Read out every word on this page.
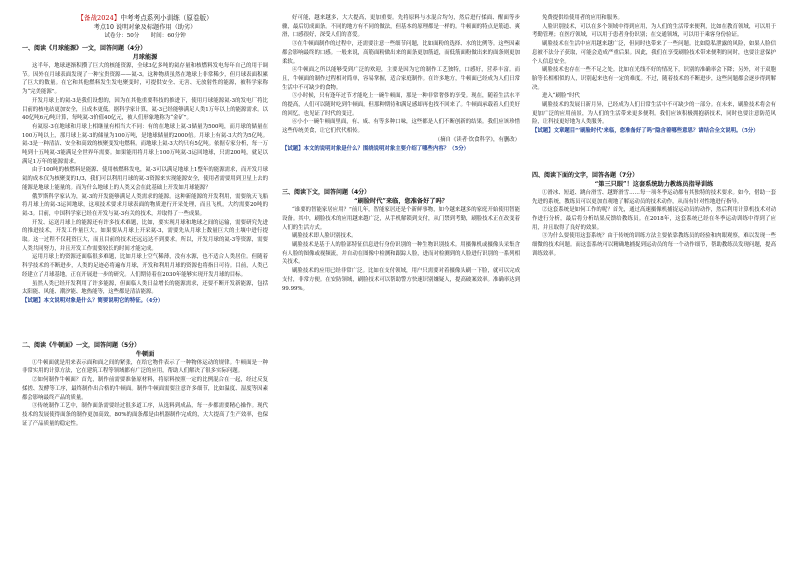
【备战2024】中考考点系列小训练（原卷版）
考点10 说明对象及标题作用（助劣）
试卷分：50分　　时间：60分钟
一、阅读《月球能源》一文，回答问题（4分）
月球能源

这半年，地球逐渐积攒了巨大的核能资源，全球3亿多吨的氦存量和核燃料发电每年自己的用于调节。因外在月球表面发现了一种宝贵资源——氦-3。这种物质虽然在地球上非常稀少，但月球表面积累了巨大的数量。在它和其他燃料发生发电聚变时，可提供安全、无害、无放射性的能源，被科学家称为“完美能源”。

开发月球上的氦-3是我们设想的，因为在其他重要科技的推进下，使用月球能源氦-3的发电厂将比目前的核电站更加安全，且成本更低。据科学家计算，氦-3已经能够满足人类1万年以上的能源需求。以40亿吨6元/吨计算，每吨氦-3价值40亿元，被人们形象地称为“金矿”。

有氦原-3在地球和月球上相继量有相当大不同：有的在地球上氦-3储量为500吨，而月球的储量在100万吨以上，那月球上氦-3的储量为100万吨，是地球储量的2000倍。月球上有氦-3大约为5亿吨。氦-3是一种清洁、安全和高效的核聚变发电燃料。而地球上氦-3大约只有5亿吨。依据专家分析，每一万吨到十五吨氦-3能满足全世界年需要。如果能用将月球上100万吨氦-3运回地球，只需200吨，就足以满足1万年的能源需求。

由于100吨的核燃料是能源、使用核燃料发电，氦-3可以满足地球上1整年的能源需求，而开发月球氦的成本仅为核聚变的1/3，我们可以利用月球的氦-3资源来实现能源安全，使用者需要用到卫星上去的能源是地球上能量的。而为什么地球上的人类又会在此基础上开发如月球能源？

俄罗斯科学家认为，氦-3的开发能够满足人类需求的能源。这种新能源的开发利用，需要航天飞船将月球上的氦-3运回地球，这项技术要求月球表面的物质进行开采处理，而且飞机，大约需要20吨的氦-3。目前，中国科学家已经在开发与氦-3有关的技术，并取得了一些成果。

开发、运送月球上的能源还有许多技术难题，比如，要实现月球和地球之间的运输，需要研究先进的推进技术，开发工作量巨大。如果要从月球上开采氦-3，需要先从月球上数量巨大的土壤中进行提取。这一过程不仅耗资巨大，而且目前的技术还远远达不到要求。所以，开发月球的氦-3等资源，需要人类共同努力，并且开发工作需要较长的时间才能完成。

运用月球上的资源还面临很多难题，比如月球上空气稀薄，没有水源，也不适合人类居住。但随着科学技术的不断进步，人类的足迹必将遍布月球，开发和利用月球的资源也将指日可待。目前，人类已经建立了月球基地，正在开展进一步的研究。人们期待着在2030年能够实现开发月球的目标。

虽然人类已经开发利用了许多能源，但面临人类日益增长的能源需求，还要不断开发新能源，包括太阳能、风能、潮汐能、地热能等，这些都是清洁能源。

【试题】本文说明对象是什么？简要说明它的特征。（4分）
二、阅读《牛顿面》一文，回答问题（5分）
牛顿面

①牛顿面就是用来表示面和面之间的紧张，在给它物件表示了一种物体运动的规律。牛顿面是一种非常实用的计算方法，它在建筑工程等领域都有广泛的应用，帮助人们解决了很多实际问题。

②如何制作牛顿面？首先，制作前需要准备原材料，将原料按照一定的比例混合在一起，经过反复揉搓、发酵等工序，最终制作出合格的牛顿面。制作牛顿面需要注意许多细节，比如温度、湿度等因素都会影响最终产品的质量。

③传统制作工艺中，制作面条需要经过很多道工序，从选料到成品，每一步都需要精心操作。现代技术的发展使得面条的制作更加高效，80%的面条都是由机器制作完成的，大大提高了生产效率，也保证了产品质量的稳定性。

好可能，越来越多，大大提高，更加重要。先将原料与水混合均匀，然后进行揉面、醒面等步骤，最后切成面条。不同的地方有不同的做法，但基本的原理都是一样的。牛顿面的特点是筋道、爽滑，口感很好，深受人们的喜爱。

③在牛顿面制作的过程中，还需要注意一些细节问题，比如面粉的选择、水的比例等。这些因素都会影响最终的口感。一般来说，高筋面粉做出来的面条更加筋道，而低筋面粉做出来的面条则更加柔软。

④牛顿面之所以能够受到广泛的欢迎，主要是因为它的制作工艺独特，口感好，营养丰富。而且，牛顿面的制作过程相对简单，容易掌握，适合家庭制作。在许多地方，牛顿面已经成为人们日常生活中不可缺少的食物。

⑤小时候，只有逢年过节才能吃上一碗牛顿面，那是一种非常奢侈的享受。现在，随着生活水平的提高，人们可以随时吃到牛顿面，但那种期待和满足感却再也找不回来了。牛顿面承载着人们美好的回忆，也见证了时代的变迁。

⑥小小一碗牛顿面里面，有、咸、有等多种口味，这些都是人们不断创新的结果。我们应该珍惜这些传统美食，让它们代代相传。

（摘自《读者·饮食科学》，有删改）
【试题】本文的说明对象是什么？围绕说明对象主要介绍了哪些内容？（5分）
三、阅读下文，回答问题（4分）
“刷脸时代”来临，您准备好了吗？

“谁要的智能家居应用？”前几年，智能家居还是个新鲜事物，如今越来越多的家庭开始使用智能设备。其中，刷脸技术的应用越来越广泛，从手机解锁到支付，从门禁到考勤，刷脸技术正在改变着人们的生活方式。

刷脸技术即人脸识别技术。

刷脸技术是基于人的脸部特征信息进行身份识别的一种生物识别技术。用摄像机或摄像头采集含有人脸的图像或视频流，并自动在图像中检测和跟踪人脸，进而对检测到的人脸进行识别的一系列相关技术。

刷脸技术的应用已经非常广泛。比如在支付领域，用户只需要对着摄像头刷一下脸，就可以完成支付，非常方便。在安防领域，刷脸技术可以帮助警方快速识别嫌疑人，提高破案效率。准确率达到99.99%。

免费提供给使用者的应用和服务。

人脸识别技术，可以在多个领域中得到应用，为人们的生活带来便利，比如在教育领域，可以用于考勤管理；在医疗领域，可以用于患者身份识别；在交通领域，可以用于乘客身份验证。

刷脸技术在生活中应用越来越广泛，但同时也带来了一些问题。比如隐私泄露的风险，如果人脸信息被不法分子获取，可能会造成严重后果。因此，我们在享受刷脸技术带来便利的同时，也要注意保护个人信息安全。

刷脸技术也存在一些不足之处。比如在光线不好的情况下，识别的准确率会下降；另外，对于双胞胎等长相相似的人，识别起来也有一定的难度。不过，随着技术的不断进步，这些问题都会逐步得到解决。

进入“刷脸”时代

刷脸技术的发展日新月异，已经成为人们日常生活中不可缺少的一部分。在未来，刷脸技术将会有更加广泛的应用前景，为人们的生活带来更多便利。我们应该积极拥抱新技术，同时也要注意防范风险，让科技更好地为人类服务。

【试题】文章题目“‘刷脸时代’来临，您准备好了吗”隐含着哪些意思？请结合全文说明。（5分）
四、阅读下面的文字，回答各题（7分）
“第三只眼”！这套系统助力教练员指导训练

①滑冰、短道、跳台滑雪、越野滑雪……每一项冬季运动都有其独特的技术要求。如今，借助一套先进的系统，教练员可以更加直观地了解运动员的技术动作，从而有针对性地进行指导。

②这套系统是如何工作的呢？首先，通过高速摄像机捕捉运动员的动作，然后利用计算机技术对动作进行分析，最后将分析结果反馈给教练员。在2018年，这套系统已经在冬季运动训练中得到了应用，并且取得了良好的效果。

③为什么要使用这套系统？由于传统的训练方法主要依靠教练员的经验和肉眼观察，难以发现一些细微的技术问题。而这套系统可以精确地捕捉到运动员的每一个动作细节，帮助教练员发现问题，提高训练效率。
